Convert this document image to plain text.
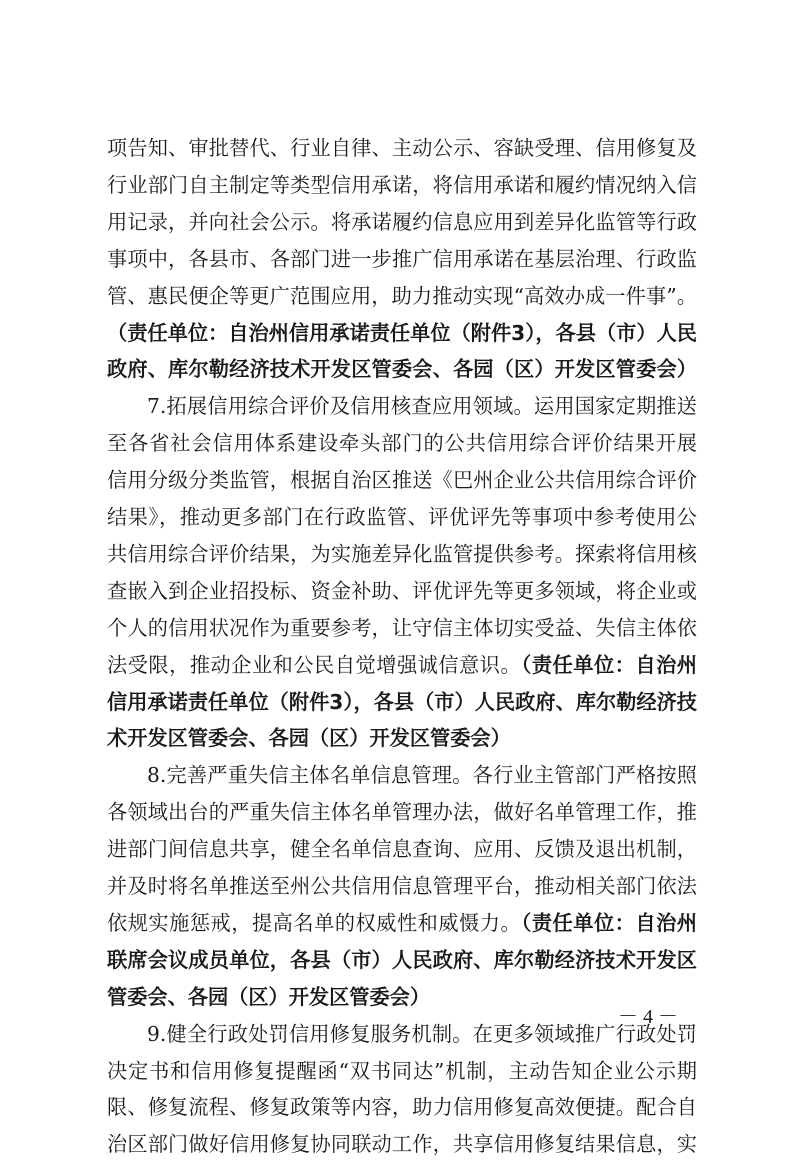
项告知、审批替代、行业自律、主动公示、容缺受理、信用修复及
行业部门自主制定等类型信用承诺，将信用承诺和履约情况纳入信
用记录，并向社会公示。将承诺履约信息应用到差异化监管等行政
事项中，各县市、各部门进一步推广信用承诺在基层治理、行政监
管、惠民便企等更广范围应用，助力推动实现“高效办成一件事”。
（责任单位：自治州信用承诺责任单位（附件3），各县（市）人民
政府、库尔勒经济技术开发区管委会、各园（区）开发区管委会）
7.拓展信用综合评价及信用核查应用领域。运用国家定期推送
至各省社会信用体系建设牵头部门的公共信用综合评价结果开展
信用分级分类监管，根据自治区推送《巴州企业公共信用综合评价
结果》，推动更多部门在行政监管、评优评先等事项中参考使用公
共信用综合评价结果，为实施差异化监管提供参考。探索将信用核
查嵌入到企业招投标、资金补助、评优评先等更多领域，将企业或
个人的信用状况作为重要参考，让守信主体切实受益、失信主体依
法受限，推动企业和公民自觉增强诚信意识。（责任单位：自治州
信用承诺责任单位（附件3），各县（市）人民政府、库尔勒经济技
术开发区管委会、各园（区）开发区管委会）
8.完善严重失信主体名单信息管理。各行业主管部门严格按照
各领域出台的严重失信主体名单管理办法，做好名单管理工作，推
进部门间信息共享，健全名单信息查询、应用、反馈及退出机制，
并及时将名单推送至州公共信用信息管理平台，推动相关部门依法
依规实施惩戒，提高名单的权威性和威慑力。（责任单位：自治州
联席会议成员单位，各县（市）人民政府、库尔勒经济技术开发区
管委会、各园（区）开发区管委会）
9.健全行政处罚信用修复服务机制。在更多领域推广行政处罚
决定书和信用修复提醒函“双书同达”机制，主动告知企业公示期
限、修复流程、修复政策等内容，助力信用修复高效便捷。配合自
治区部门做好信用修复协同联动工作，共享信用修复结果信息，实
－ 4 －
